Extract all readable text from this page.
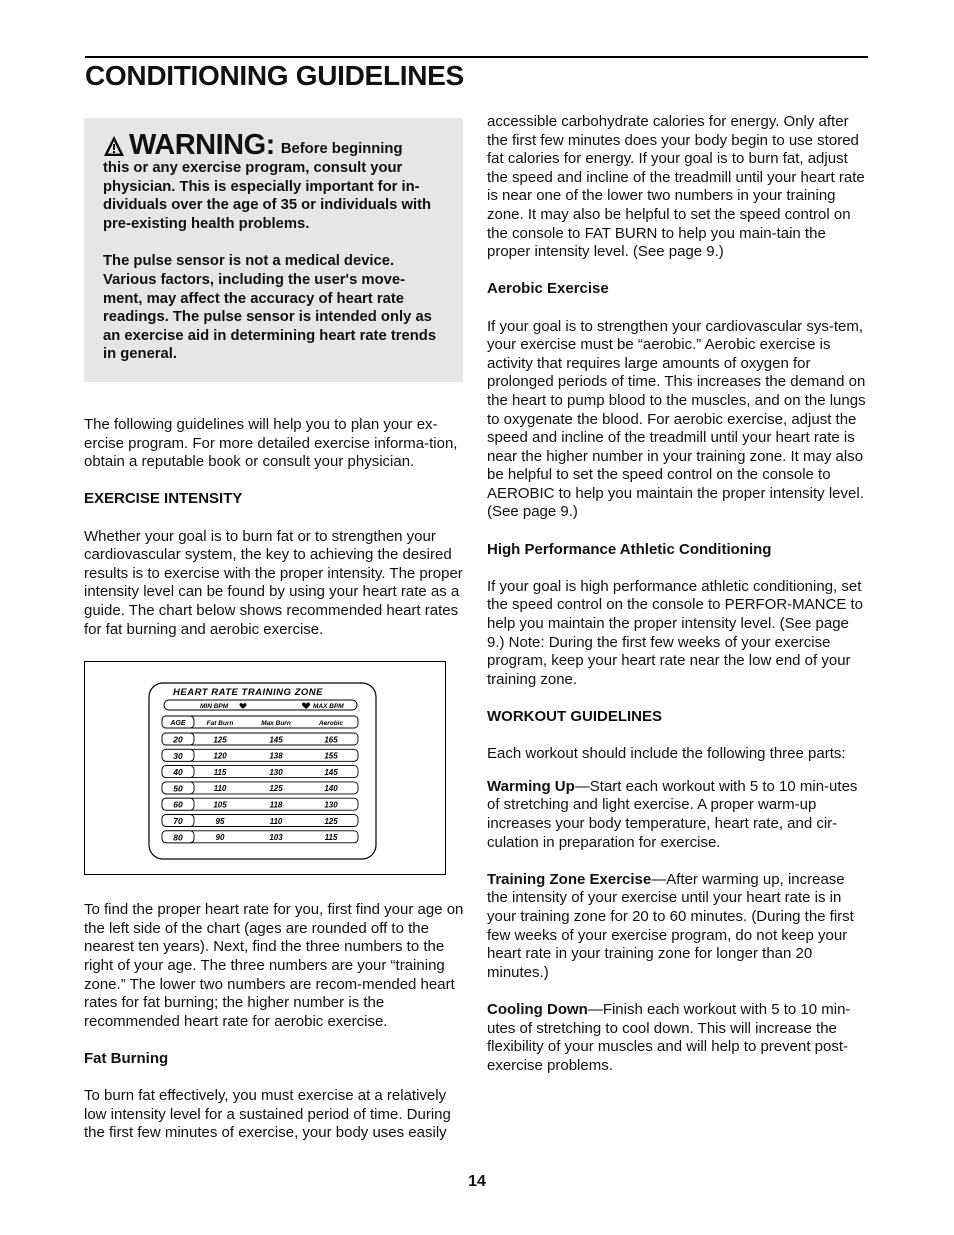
CONDITIONING GUIDELINES
WARNING: Before beginning

this or any exercise program, consult your physician. This is especially important for in-dividuals over the age of 35 or individuals with pre-existing health problems.

The pulse sensor is not a medical device. Various factors, including the user's move-ment, may affect the accuracy of heart rate readings. The pulse sensor is intended only as an exercise aid in determining heart rate trends in general.

The following guidelines will help you to plan your ex-ercise program. For more detailed exercise informa-tion, obtain a reputable book or consult your physician.

EXERCISE INTENSITY

Whether your goal is to burn fat or to strengthen your cardiovascular system, the key to achieving the desired results is to exercise with the proper intensity. The proper intensity level can be found by using your heart rate as a guide. The chart below shows recommended heart rates for fat burning and aerobic exercise.

HEART RATE TRAINING ZONE
MIN BPM	MAX BPM
AGE	Fat Burn	Max Burn	Aerobic
20	125	145	165
30	120	138	155
40	115	130	145
50	110	125	140
60	105	118	130
70	95	110	125
80	90	103	115

To find the proper heart rate for you, first find your age on the left side of the chart (ages are rounded off to the nearest ten years). Next, find the three numbers to the right of your age. The three numbers are your “training zone.” The lower two numbers are recom-mended heart rates for fat burning; the higher number is the recommended heart rate for aerobic exercise.

Fat Burning

To burn fat effectively, you must exercise at a relatively low intensity level for a sustained period of time. During the first few minutes of exercise, your body uses easily

accessible carbohydrate calories for energy. Only after the first few minutes does your body begin to use stored fat calories for energy. If your goal is to burn fat, adjust the speed and incline of the treadmill until your heart rate is near one of the lower two numbers in your training zone. It may also be helpful to set the speed control on the console to FAT BURN to help you main-tain the proper intensity level. (See page 9.)

Aerobic Exercise

If your goal is to strengthen your cardiovascular sys-tem, your exercise must be “aerobic.” Aerobic exercise is activity that requires large amounts of oxygen for prolonged periods of time. This increases the demand on the heart to pump blood to the muscles, and on the lungs to oxygenate the blood. For aerobic exercise, adjust the speed and incline of the treadmill until your heart rate is near the higher number in your training zone. It may also be helpful to set the speed control on the console to AEROBIC to help you maintain the proper intensity level. (See page 9.)

High Performance Athletic Conditioning

If your goal is high performance athletic conditioning, set the speed control on the console to PERFOR-MANCE to help you maintain the proper intensity level. (See page 9.) Note: During the first few weeks of your exercise program, keep your heart rate near the low end of your training zone.

WORKOUT GUIDELINES

Each workout should include the following three parts:

Warming Up—Start each workout with 5 to 10 min-utes of stretching and light exercise. A proper warm-up increases your body temperature, heart rate, and cir-culation in preparation for exercise.

Training Zone Exercise—After warming up, increase the intensity of your exercise until your heart rate is in your training zone for 20 to 60 minutes. (During the first few weeks of your exercise program, do not keep your heart rate in your training zone for longer than 20 minutes.)

Cooling Down—Finish each workout with 5 to 10 min-utes of stretching to cool down. This will increase the flexibility of your muscles and will help to prevent post-exercise problems.

14
